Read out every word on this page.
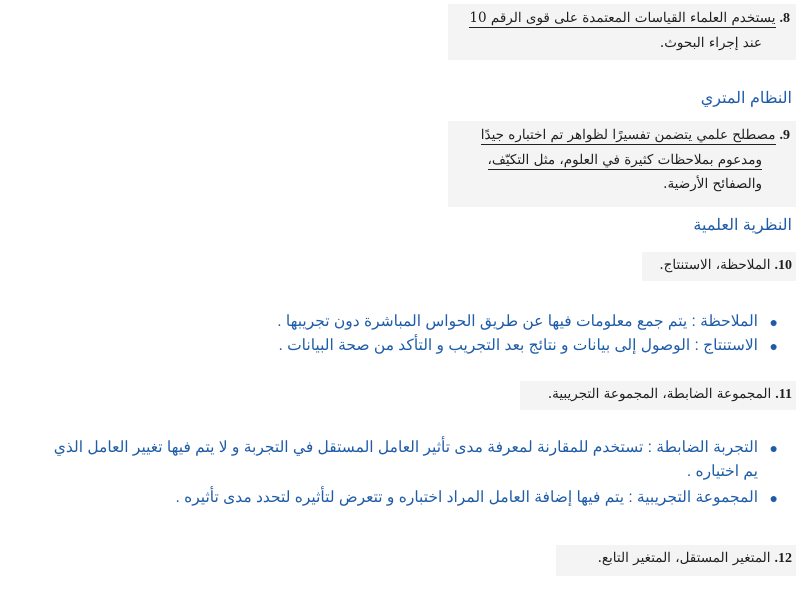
8.يستخدم العلماء القياسات المعتمدة على قوى الرقم 10
عند إجراء البحوث.
النظام المتري
9.مصطلح علمي يتضمن تفسيرًا لظواهر تم اختباره جيدًا
ومدعوم بملاحظات كثيرة في العلوم، مثل التكيّف،
والصفائح الأرضية.
النظرية العلمية
10.الملاحظة، الاستنتاج.
●
الملاحظة : يتم جمع معلومات فيها عن طريق الحواس المباشرة دون تجريبها .
●
الاستنتاج : الوصول إلى بيانات و نتائج بعد التجريب و التأكد من صحة البيانات .
11.المجموعة الضابطة، المجموعة التجريبية.
●
التجربة الضابطة : تستخدم للمقارنة لمعرفة مدى تأثير العامل المستقل في التجربة و لا يتم فيها تغيير العامل الذي يم اختياره .
●
المجموعة التجريبية : يتم فيها إضافة العامل المراد اختباره و تتعرض لتأثيره لتحدد مدى تأثيره .
12.المتغير المستقل، المتغير التابع.
